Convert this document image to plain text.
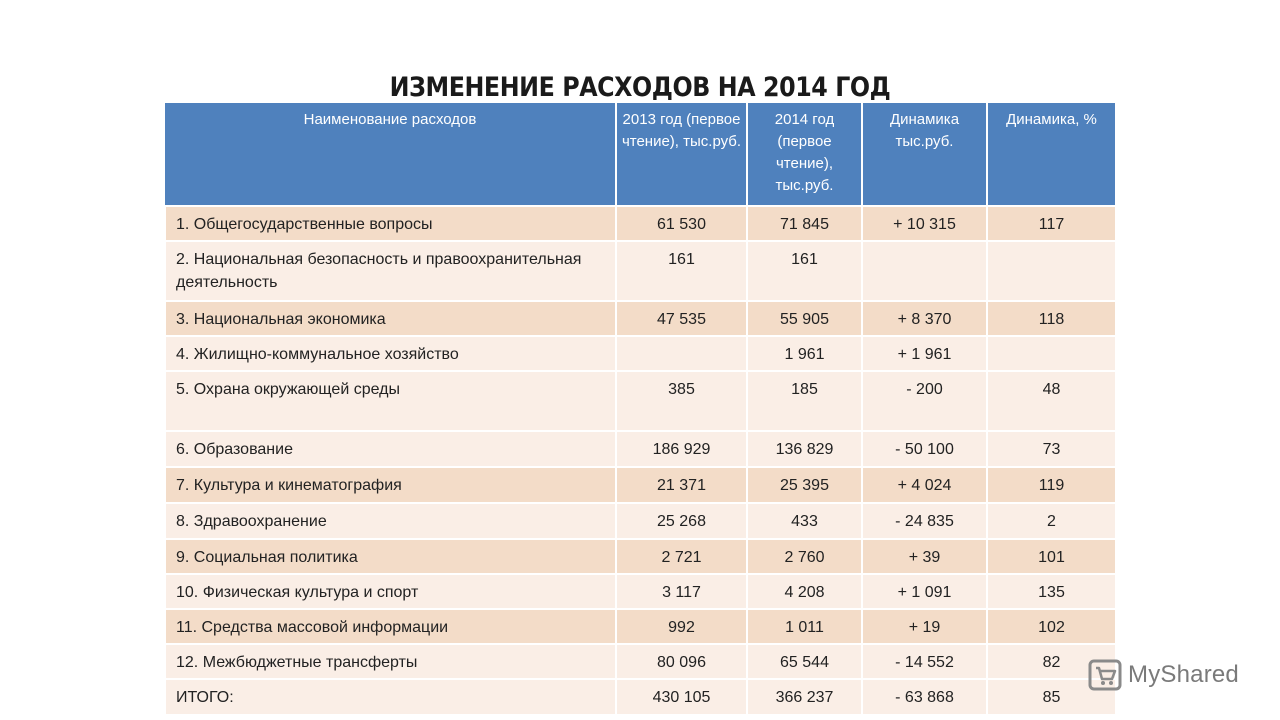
ИЗМЕНЕНИЕ РАСХОДОВ НА 2014 ГОД
Наименование расходов	2013 год (первое чтение), тыс.руб.	2014 год (первое чтение), тыс.руб.	Динамика тыс.руб.	Динамика, %
1. Общегосударственные вопросы	61 530	71 845	+ 10 315	117
2. Национальная безопасность и правоохранительная деятельность	161	161		
3. Национальная экономика	47 535	55 905	+ 8 370	118
4. Жилищно-коммунальное хозяйство		1 961	+ 1 961	
5. Охрана окружающей среды	385	185	- 200	48
6. Образование	186 929	136 829	- 50 100	73
7. Культура и кинематография	21 371	25 395	+ 4 024	119
8. Здравоохранение	25 268	433	- 24 835	2
9. Социальная политика	2 721	2 760	+ 39	101
10. Физическая культура и спорт	3 117	4 208	+ 1 091	135
11. Средства массовой информации	992	1 011	+ 19	102
12. Межбюджетные трансферты	80 096	65 544	- 14 552	82
ИТОГО:	430 105	366 237	- 63 868	85
MyShared
